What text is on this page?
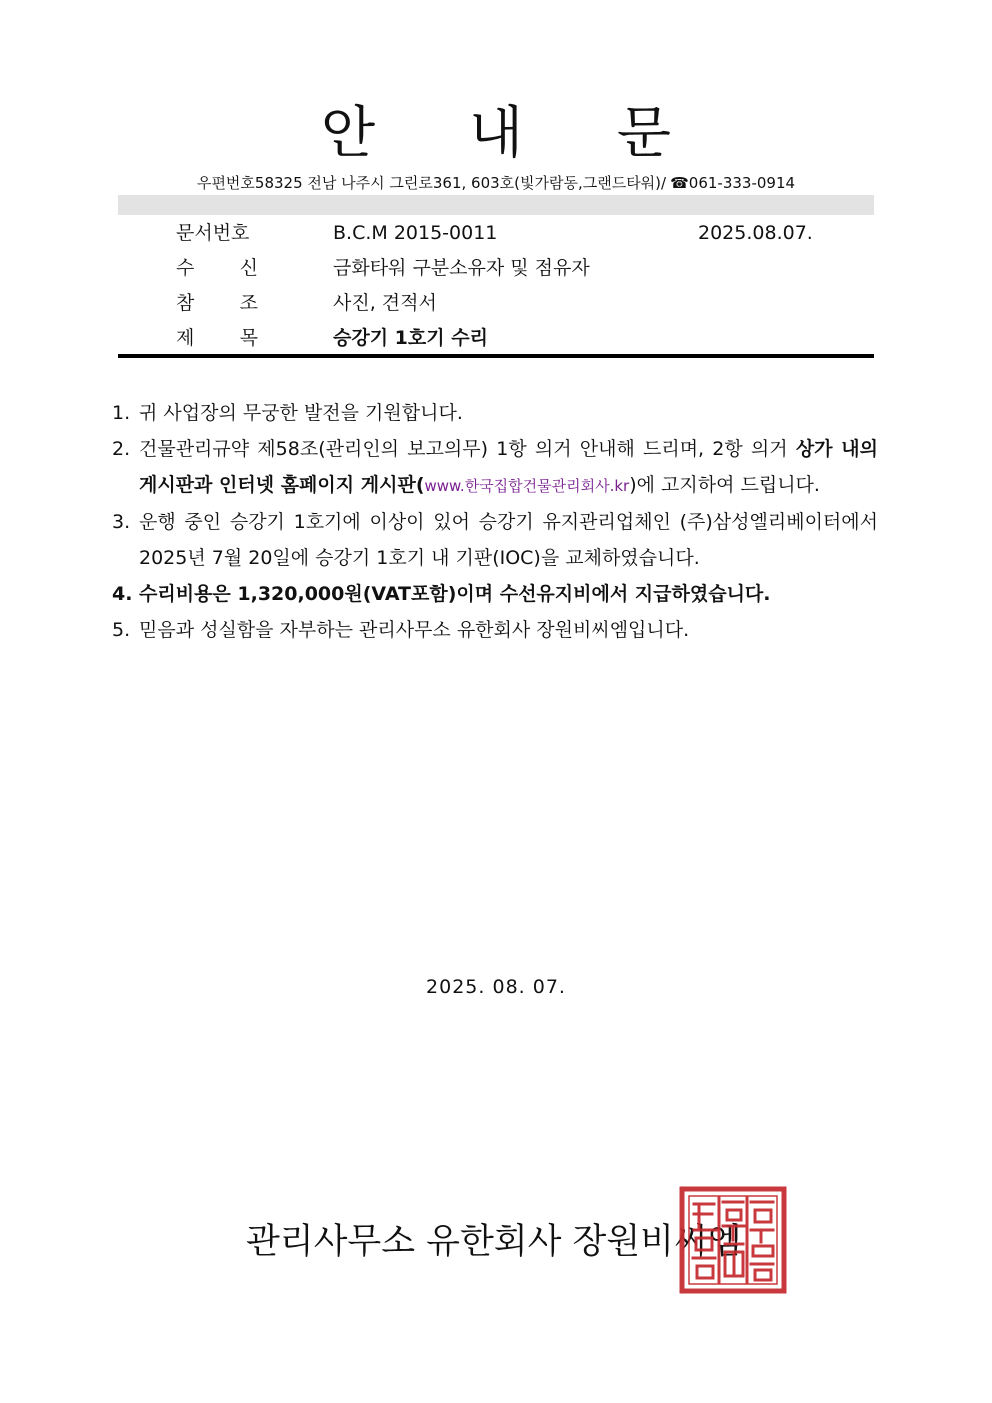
안 내 문
우편번호58325 전남 나주시 그린로361, 603호(빛가람동,그랜드타워)/ ☎061-333-0914
문서번호	B.C.M 2015-0011	2025.08.07.
수 신	금화타워 구분소유자 및 점유자
참 조	사진, 견적서
제 목	승강기 1호기 수리

1. 귀 사업장의 무궁한 발전을 기원합니다.

2. 건물관리규약 제58조(관리인의 보고의무) 1항 의거 안내해 드리며, 2항 의거 상가 내의 게시판과 인터넷 홈페이지 게시판(www.한국집합건물관리회사.kr)에 고지하여 드립니다.

3. 운행 중인 승강기 1호기에 이상이 있어 승강기 유지관리업체인 (주)삼성엘리베이터에서 2025년 7월 20일에 승강기 1호기 내 기판(IOC)을 교체하였습니다.

4. 수리비용은 1,320,000원(VAT포함)이며 수선유지비에서 지급하였습니다.

5. 믿음과 성실함을 자부하는 관리사무소 유한회사 장원비씨엠입니다.

2025. 08. 07.
관리사무소 유한회사 장원비씨엠
